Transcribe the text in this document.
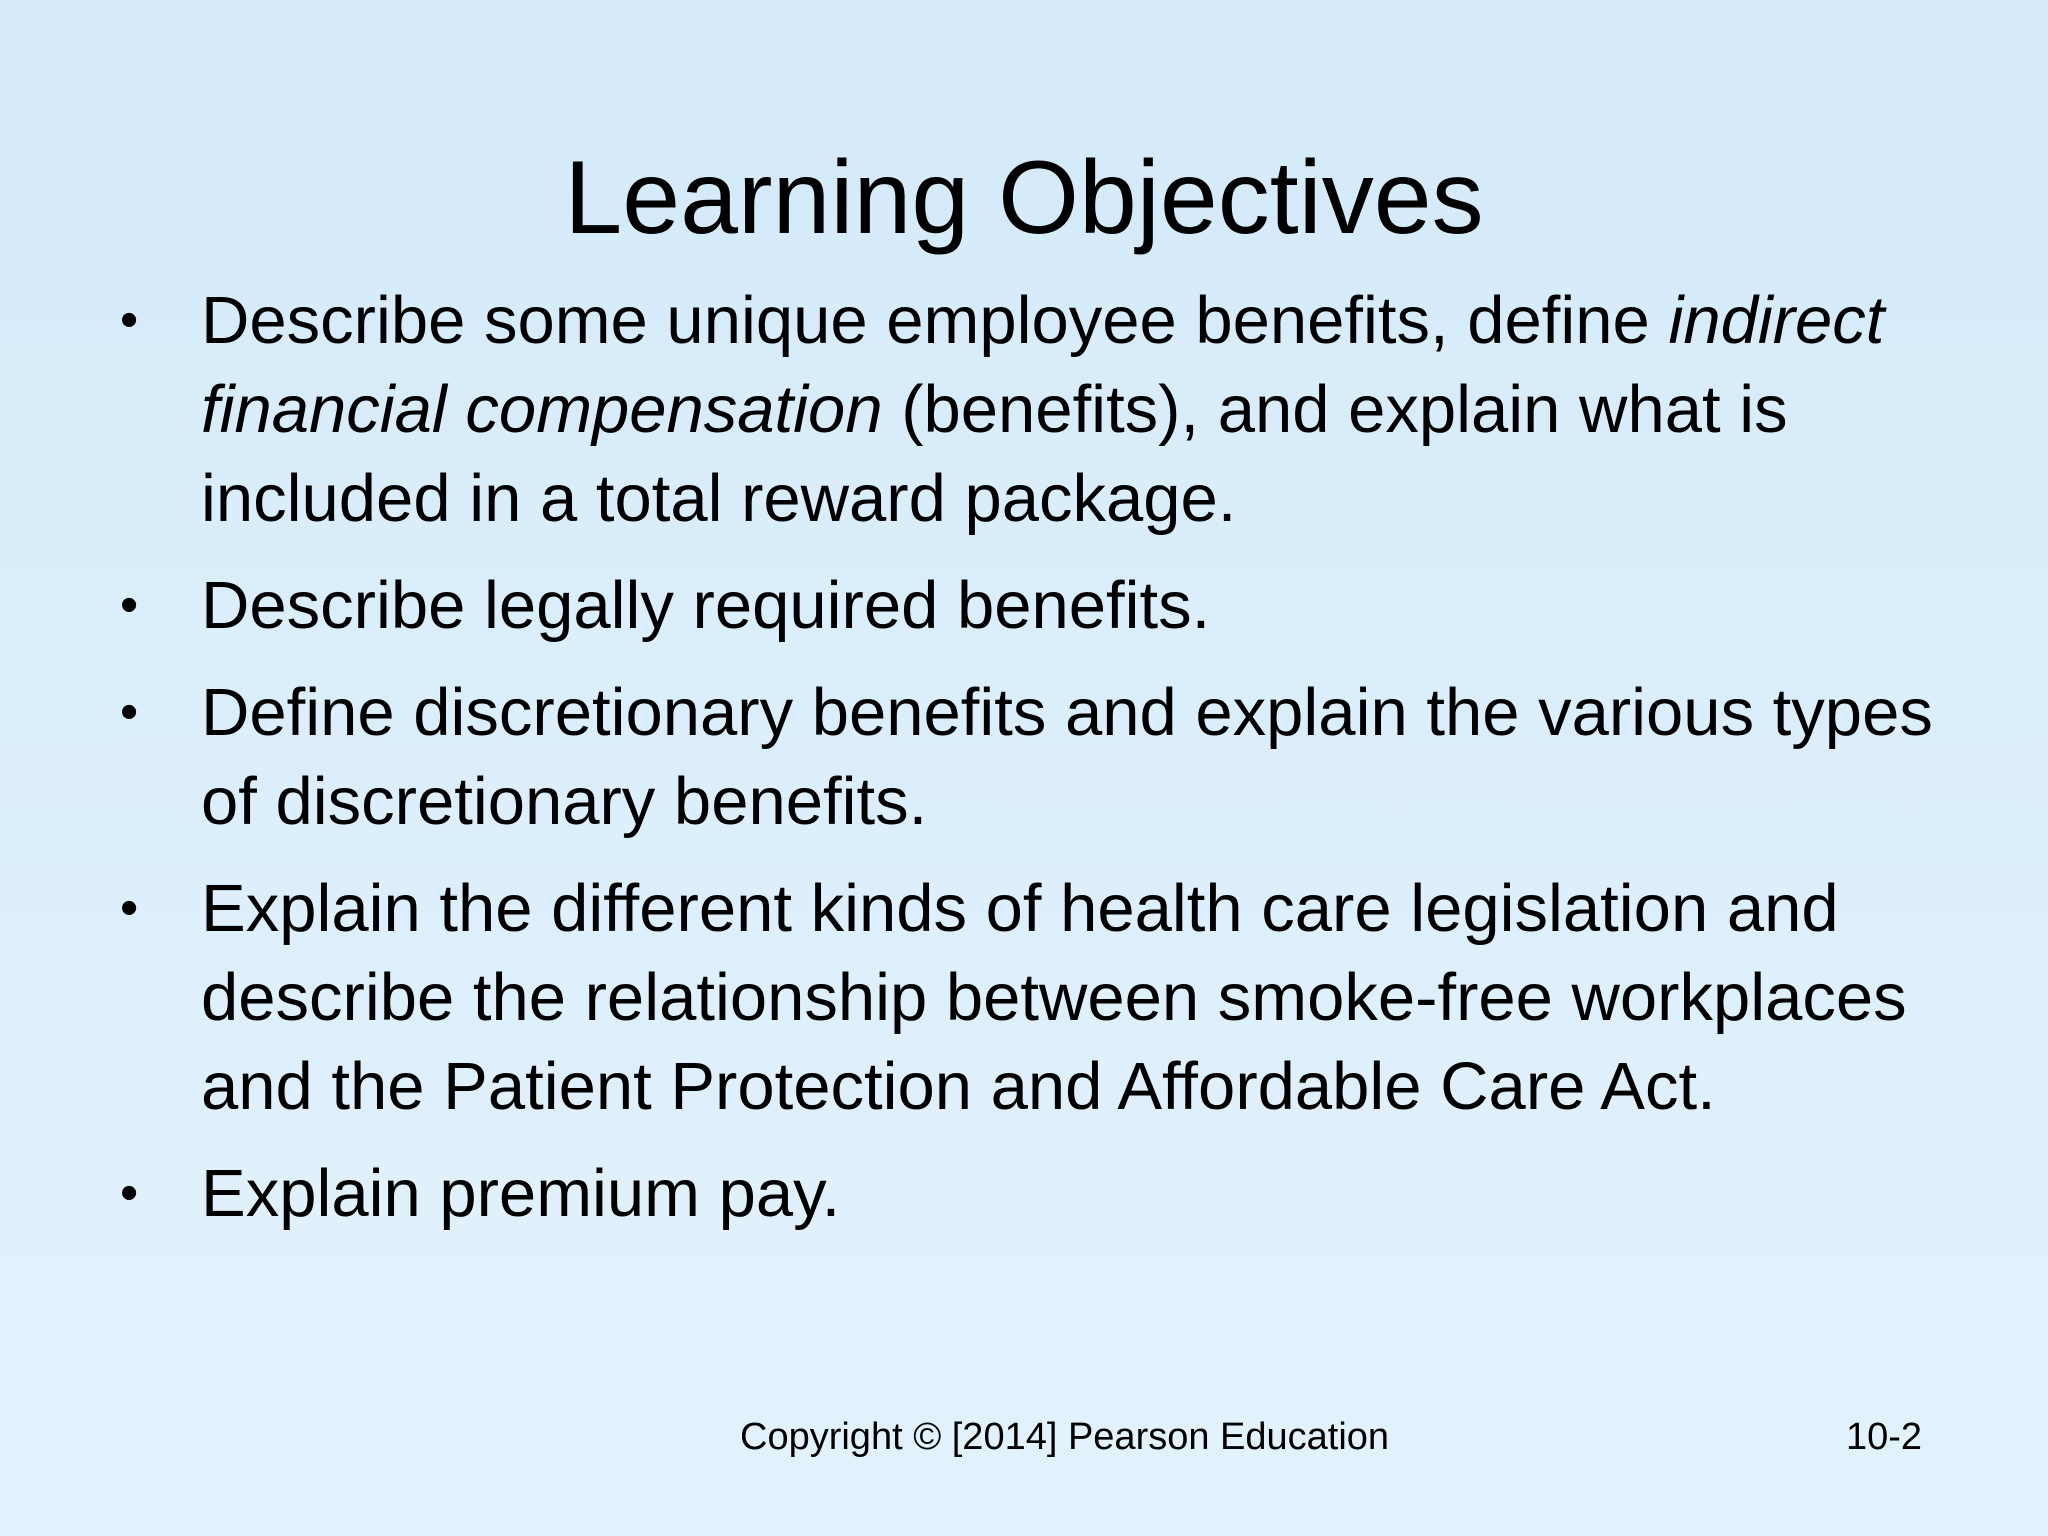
Learning Objectives
• Describe some unique employee benefits, define indirect financial compensation (benefits), and explain what is included in a total reward package.
• Describe legally required benefits.
• Define discretionary benefits and explain the various types of discretionary benefits.
• Explain the different kinds of health care legislation and describe the relationship between smoke-free workplaces and the Patient Protection and Affordable Care Act.
• Explain premium pay.
Copyright © [2014] Pearson Education	10-2
